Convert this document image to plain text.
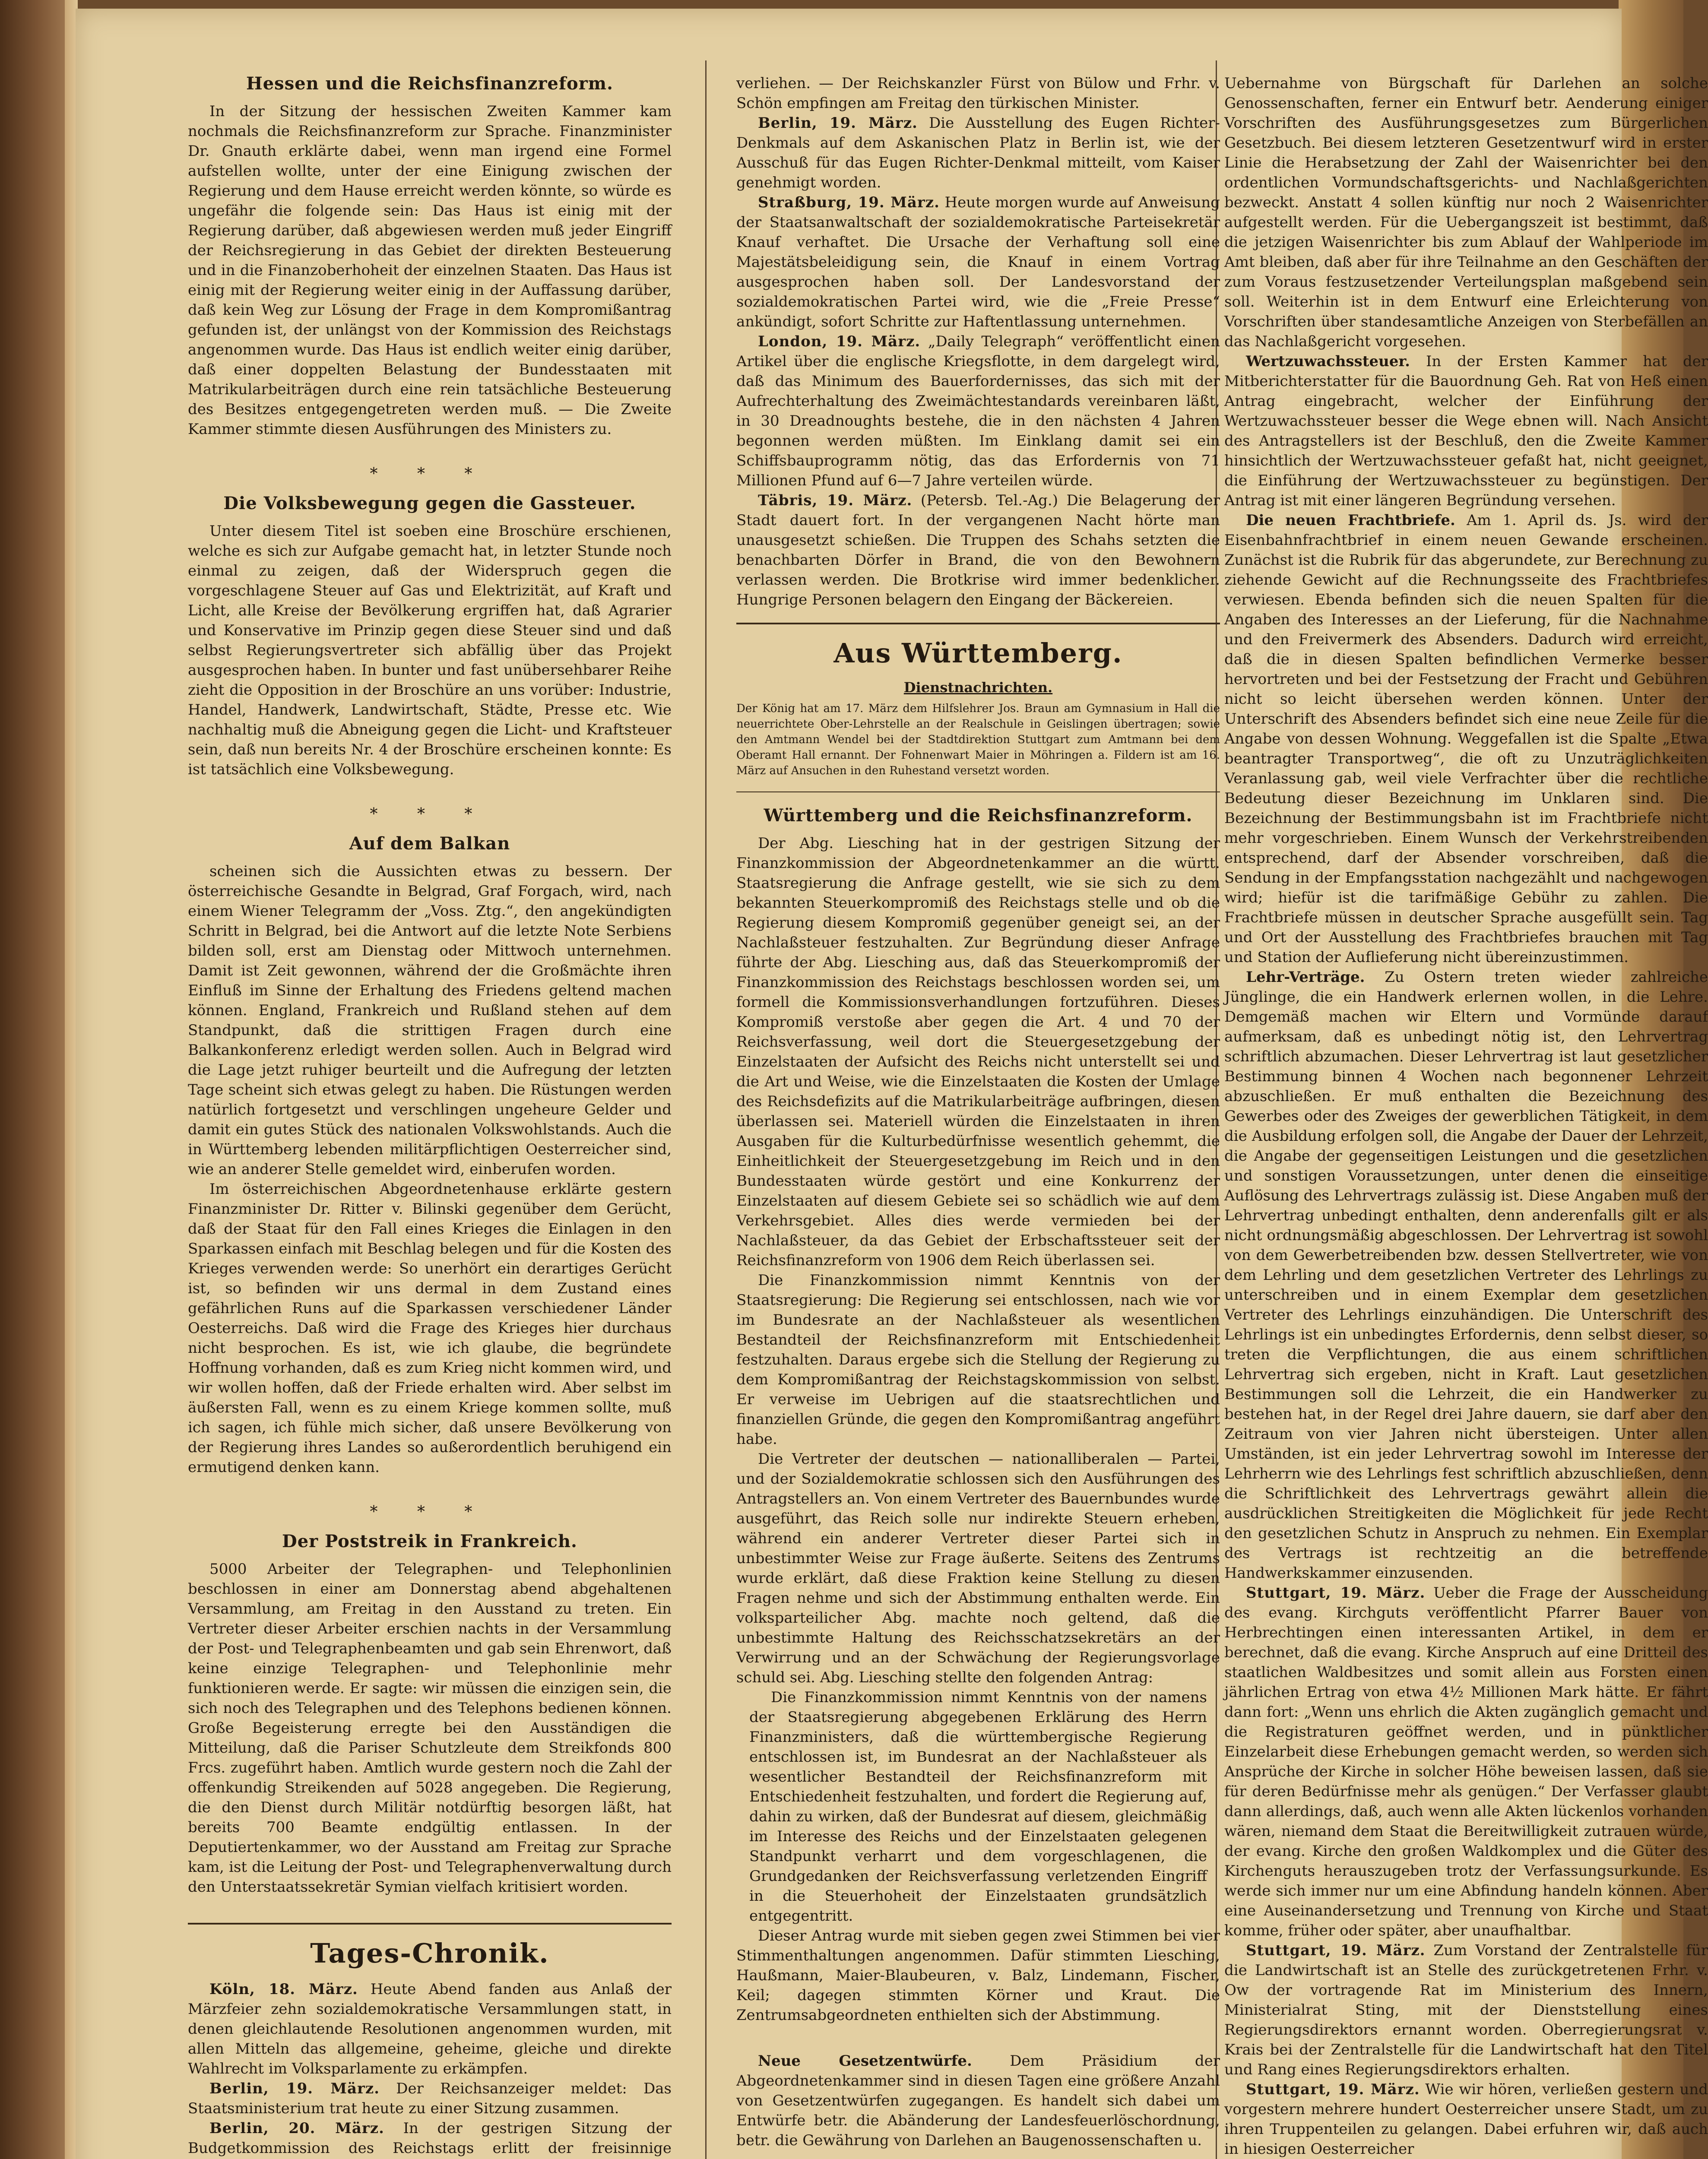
Hessen und die Reichsfinanzreform.

In der Sitzung der hessischen Zweiten Kammer kam nochmals die Reichsfinanzreform zur Sprache. Finanzminister Dr. Gnauth erklärte dabei, wenn man irgend eine Formel aufstellen wollte, unter der eine Einigung zwischen der Regierung und dem Hause erreicht werden könnte, so würde es ungefähr die folgende sein: Das Haus ist einig mit der Regierung darüber, daß abgewiesen werden muß jeder Eingriff der Reichsregierung in das Gebiet der direkten Besteuerung und in die Finanzoberhoheit der einzelnen Staaten. Das Haus ist einig mit der Regierung weiter einig in der Auffassung darüber, daß kein Weg zur Lösung der Frage in dem Kompromißantrag gefunden ist, der unlängst von der Kommission des Reichstags angenommen wurde. Das Haus ist endlich weiter einig darüber, daß einer doppelten Belastung der Bundesstaaten mit Matrikularbeiträgen durch eine rein tatsächliche Besteuerung des Besitzes entgegengetreten werden muß. — Die Zweite Kammer stimmte diesen Ausführungen des Ministers zu.

* * *
Die Volksbewegung gegen die Gassteuer.

Unter diesem Titel ist soeben eine Broschüre erschienen, welche es sich zur Aufgabe gemacht hat, in letzter Stunde noch einmal zu zeigen, daß der Widerspruch gegen die vorgeschlagene Steuer auf Gas und Elektrizität, auf Kraft und Licht, alle Kreise der Bevölkerung ergriffen hat, daß Agrarier und Konservative im Prinzip gegen diese Steuer sind und daß selbst Regierungsvertreter sich abfällig über das Projekt ausgesprochen haben. In bunter und fast unübersehbarer Reihe zieht die Opposition in der Broschüre an uns vorüber: Industrie, Handel, Handwerk, Landwirtschaft, Städte, Presse etc. Wie nachhaltig muß die Abneigung gegen die Licht- und Kraftsteuer sein, daß nun bereits Nr. 4 der Broschüre erscheinen konnte: Es ist tatsächlich eine Volksbewegung.

* * *
Auf dem Balkan

scheinen sich die Aussichten etwas zu bessern. Der österreichische Gesandte in Belgrad, Graf Forgach, wird, nach einem Wiener Telegramm der „Voss. Ztg.“, den angekündigten Schritt in Belgrad, bei die Antwort auf die letzte Note Serbiens bilden soll, erst am Dienstag oder Mittwoch unternehmen. Damit ist Zeit gewonnen, während der die Großmächte ihren Einfluß im Sinne der Erhaltung des Friedens geltend machen können. England, Frankreich und Rußland stehen auf dem Standpunkt, daß die strittigen Fragen durch eine Balkankonferenz erledigt werden sollen. Auch in Belgrad wird die Lage jetzt ruhiger beurteilt und die Aufregung der letzten Tage scheint sich etwas gelegt zu haben. Die Rüstungen werden natürlich fortgesetzt und verschlingen ungeheure Gelder und damit ein gutes Stück des nationalen Volkswohlstands. Auch die in Württemberg lebenden militärpflichtigen Oesterreicher sind, wie an anderer Stelle gemeldet wird, einberufen worden.

Im österreichischen Abgeordnetenhause erklärte gestern Finanzminister Dr. Ritter v. Bilinski gegenüber dem Gerücht, daß der Staat für den Fall eines Krieges die Einlagen in den Sparkassen einfach mit Beschlag belegen und für die Kosten des Krieges verwenden werde: So unerhört ein derartiges Gerücht ist, so befinden wir uns dermal in dem Zustand eines gefährlichen Runs auf die Sparkassen verschiedener Länder Oesterreichs. Daß wird die Frage des Krieges hier durchaus nicht besprochen. Es ist, wie ich glaube, die begründete Hoffnung vorhanden, daß es zum Krieg nicht kommen wird, und wir wollen hoffen, daß der Friede erhalten wird. Aber selbst im äußersten Fall, wenn es zu einem Kriege kommen sollte, muß ich sagen, ich fühle mich sicher, daß unsere Bevölkerung von der Regierung ihres Landes so außerordentlich beruhigend ein ermutigend denken kann.

* * *
Der Poststreik in Frankreich.

5000 Arbeiter der Telegraphen- und Telephonlinien beschlossen in einer am Donnerstag abend abgehaltenen Versammlung, am Freitag in den Ausstand zu treten. Ein Vertreter dieser Arbeiter erschien nachts in der Versammlung der Post- und Telegraphenbeamten und gab sein Ehrenwort, daß keine einzige Telegraphen- und Telephonlinie mehr funktionieren werde. Er sagte: wir müssen die einzigen sein, die sich noch des Telegraphen und des Telephons bedienen können. Große Begeisterung erregte bei den Ausständigen die Mitteilung, daß die Pariser Schutzleute dem Streikfonds 800 Frcs. zugeführt haben. Amtlich wurde gestern noch die Zahl der offenkundig Streikenden auf 5028 angegeben. Die Regierung, die den Dienst durch Militär notdürftig besorgen läßt, hat bereits 700 Beamte endgültig entlassen. In der Deputiertenkammer, wo der Ausstand am Freitag zur Sprache kam, ist die Leitung der Post- und Telegraphenverwaltung durch den Unterstaatssekretär Symian vielfach kritisiert worden.

Tages-Chronik.

Köln, 18. März. Heute Abend fanden aus Anlaß der Märzfeier zehn sozialdemokratische Versammlungen statt, in denen gleichlautende Resolutionen angenommen wurden, mit allen Mitteln das allgemeine, geheime, gleiche und direkte Wahlrecht im Volksparlamente zu erkämpfen.

Berlin, 19. März. Der Reichsanzeiger meldet: Das Staatsministerium trat heute zu einer Sitzung zusammen.

Berlin, 20. März. In der gestrigen Sitzung der Budgetkommission des Reichstags erlitt der freisinnige

verliehen. — Der Reichskanzler Fürst von Bülow und Frhr. v. Schön empfingen am Freitag den türkischen Minister.

Berlin, 19. März. Die Ausstellung des Eugen Richter-Denkmals auf dem Askanischen Platz in Berlin ist, wie der Ausschuß für das Eugen Richter-Denkmal mitteilt, vom Kaiser genehmigt worden.

Straßburg, 19. März. Heute morgen wurde auf Anweisung der Staatsanwaltschaft der sozialdemokratische Parteisekretär Knauf verhaftet. Die Ursache der Verhaftung soll eine Majestätsbeleidigung sein, die Knauf in einem Vortrag ausgesprochen haben soll. Der Landesvorstand der sozialdemokratischen Partei wird, wie die „Freie Presse“ ankündigt, sofort Schritte zur Haftentlassung unternehmen.

London, 19. März. „Daily Telegraph“ veröffentlicht einen Artikel über die englische Kriegsflotte, in dem dargelegt wird, daß das Minimum des Bauerfordernisses, das sich mit der Aufrechterhaltung des Zweimächtestandards vereinbaren läßt, in 30 Dreadnoughts bestehe, die in den nächsten 4 Jahren begonnen werden müßten. Im Einklang damit sei ein Schiffsbauprogramm nötig, das das Erfordernis von 71 Millionen Pfund auf 6—7 Jahre verteilen würde.

Täbris, 19. März. (Petersb. Tel.-Ag.) Die Belagerung der Stadt dauert fort. In der vergangenen Nacht hörte man unausgesetzt schießen. Die Truppen des Schahs setzten die benachbarten Dörfer in Brand, die von den Bewohnern verlassen werden. Die Brotkrise wird immer bedenklicher. Hungrige Personen belagern den Eingang der Bäckereien.

Aus Württemberg.
Dienstnachrichten.

Der König hat am 17. März dem Hilfslehrer Jos. Braun am Gymnasium in Hall die neuerrichtete Ober-Lehrstelle an der Realschule in Geislingen übertragen; sowie den Amtmann Wendel bei der Stadtdirektion Stuttgart zum Amtmann bei dem Oberamt Hall ernannt. Der Fohnenwart Maier in Möhringen a. Fildern ist am 16. März auf Ansuchen in den Ruhestand versetzt worden.

Württemberg und die Reichsfinanzreform.

Der Abg. Liesching hat in der gestrigen Sitzung der Finanzkommission der Abgeordnetenkammer an die württ. Staatsregierung die Anfrage gestellt, wie sie sich zu dem bekannten Steuerkompromiß des Reichstags stelle und ob die Regierung diesem Kompromiß gegenüber geneigt sei, an der Nachlaßsteuer festzuhalten. Zur Begründung dieser Anfrage führte der Abg. Liesching aus, daß das Steuerkompromiß der Finanzkommission des Reichstags beschlossen worden sei, um formell die Kommissionsverhandlungen fortzuführen. Dieses Kompromiß verstoße aber gegen die Art. 4 und 70 der Reichsverfassung, weil dort die Steuergesetzgebung der Einzelstaaten der Aufsicht des Reichs nicht unterstellt sei und die Art und Weise, wie die Einzelstaaten die Kosten der Umlage des Reichsdefizits auf die Matrikularbeiträge aufbringen, diesen überlassen sei. Materiell würden die Einzelstaaten in ihren Ausgaben für die Kulturbedürfnisse wesentlich gehemmt, die Einheitlichkeit der Steuergesetzgebung im Reich und in den Bundesstaaten würde gestört und eine Konkurrenz der Einzelstaaten auf diesem Gebiete sei so schädlich wie auf dem Verkehrsgebiet. Alles dies werde vermieden bei der Nachlaßsteuer, da das Gebiet der Erbschaftssteuer seit der Reichsfinanzreform von 1906 dem Reich überlassen sei.

Die Finanzkommission nimmt Kenntnis von der Staatsregierung: Die Regierung sei entschlossen, nach wie vor im Bundesrate an der Nachlaßsteuer als wesentlichen Bestandteil der Reichsfinanzreform mit Entschiedenheit festzuhalten. Daraus ergebe sich die Stellung der Regierung zu dem Kompromißantrag der Reichstagskommission von selbst. Er verweise im Uebrigen auf die staatsrechtlichen und finanziellen Gründe, die gegen den Kompromißantrag angeführt habe.

Die Vertreter der deutschen — nationalliberalen — Partei, und der Sozialdemokratie schlossen sich den Ausführungen des Antragstellers an. Von einem Vertreter des Bauernbundes wurde ausgeführt, das Reich solle nur indirekte Steuern erheben, während ein anderer Vertreter dieser Partei sich in unbestimmter Weise zur Frage äußerte. Seitens des Zentrums wurde erklärt, daß diese Fraktion keine Stellung zu diesen Fragen nehme und sich der Abstimmung enthalten werde. Ein volksparteilicher Abg. machte noch geltend, daß die unbestimmte Haltung des Reichsschatzsekretärs an der Verwirrung und an der Schwächung der Regierungsvorlage schuld sei. Abg. Liesching stellte den folgenden Antrag:

Die Finanzkommission nimmt Kenntnis von der namens der Staatsregierung abgegebenen Erklärung des Herrn Finanzministers, daß die württembergische Regierung entschlossen ist, im Bundesrat an der Nachlaßsteuer als wesentlicher Bestandteil der Reichsfinanzreform mit Entschiedenheit festzuhalten, und fordert die Regierung auf, dahin zu wirken, daß der Bundesrat auf diesem, gleichmäßig im Interesse des Reichs und der Einzelstaaten gelegenen Standpunkt verharrt und dem vorgeschlagenen, die Grundgedanken der Reichsverfassung verletzenden Eingriff in die Steuerhoheit der Einzelstaaten grundsätzlich entgegentritt.

Dieser Antrag wurde mit sieben gegen zwei Stimmen bei vier Stimmenthaltungen angenommen. Dafür stimmten Liesching, Haußmann, Maier-Blaubeuren, v. Balz, Lindemann, Fischer, Keil; dagegen stimmten Körner und Kraut. Die Zentrumsabgeordneten enthielten sich der Abstimmung.

Neue Gesetzentwürfe.	Dem Präsidium der Abgeordnetenkammer sind in diesen Tagen eine größere Anzahl von Gesetzentwürfen zugegangen. Es handelt sich dabei um Entwürfe betr. die Abänderung der Landesfeuerlöschordnung, betr. die Gewährung von Darlehen an Baugenossenschaften u.

Uebernahme von Bürgschaft für Darlehen an solche Genossenschaften, ferner ein Entwurf betr. Aenderung einiger Vorschriften des Ausführungsgesetzes zum Bürgerlichen Gesetzbuch. Bei diesem letzteren Gesetzentwurf wird in erster Linie die Herabsetzung der Zahl der Waisenrichter bei den ordentlichen Vormundschaftsgerichts- und Nachlaßgerichten bezweckt. Anstatt 4 sollen künftig nur noch 2 Waisenrichter aufgestellt werden. Für die Uebergangszeit ist bestimmt, daß die jetzigen Waisenrichter bis zum Ablauf der Wahlperiode im Amt bleiben, daß aber für ihre Teilnahme an den Geschäften der zum Voraus festzusetzender Verteilungsplan maßgebend sein soll. Weiterhin ist in dem Entwurf eine Erleichterung von Vorschriften über standesamtliche Anzeigen von Sterbefällen an das Nachlaßgericht vorgesehen.

Wertzuwachssteuer. In der Ersten Kammer hat der Mitberichterstatter für die Bauordnung Geh. Rat von Heß einen Antrag eingebracht, welcher der Einführung der Wertzuwachssteuer besser die Wege ebnen will. Nach Ansicht des Antragstellers ist der Beschluß, den die Zweite Kammer hinsichtlich der Wertzuwachssteuer gefaßt hat, nicht geeignet, die Einführung der Wertzuwachssteuer zu begünstigen. Der Antrag ist mit einer längeren Begründung versehen.

Die neuen Frachtbriefe. Am 1. April ds. Js. wird der Eisenbahnfrachtbrief in einem neuen Gewande erscheinen. Zunächst ist die Rubrik für das abgerundete, zur Berechnung zu ziehende Gewicht auf die Rechnungsseite des Frachtbriefes verwiesen. Ebenda befinden sich die neuen Spalten für die Angaben des Interesses an der Lieferung, für die Nachnahme und den Freivermerk des Absenders. Dadurch wird erreicht, daß die in diesen Spalten befindlichen Vermerke besser hervortreten und bei der Festsetzung der Fracht und Gebühren nicht so leicht übersehen werden können. Unter der Unterschrift des Absenders befindet sich eine neue Zeile für die Angabe von dessen Wohnung. Weggefallen ist die Spalte „Etwa beantragter Transportweg“, die oft zu Unzuträglichkeiten Veranlassung gab, weil viele Verfrachter über die rechtliche Bedeutung dieser Bezeichnung im Unklaren sind. Die Bezeichnung der Bestimmungsbahn ist im Frachtbriefe nicht mehr vorgeschrieben. Einem Wunsch der Verkehrstreibenden entsprechend, darf der Absender vorschreiben, daß die Sendung in der Empfangsstation nachgezählt und nachgewogen wird; hiefür ist die tarifmäßige Gebühr zu zahlen. Die Frachtbriefe müssen in deutscher Sprache ausgefüllt sein. Tag und Ort der Ausstellung des Frachtbriefes brauchen mit Tag und Station der Auflieferung nicht übereinzustimmen.

Lehr-Verträge. Zu Ostern treten wieder zahlreiche Jünglinge, die ein Handwerk erlernen wollen, in die Lehre. Demgemäß machen wir Eltern und Vormünde darauf aufmerksam, daß es unbedingt nötig ist, den Lehrvertrag schriftlich abzumachen. Dieser Lehrvertrag ist laut gesetzlicher Bestimmung binnen 4 Wochen nach begonnener Lehrzeit abzuschließen. Er muß enthalten die Bezeichnung des Gewerbes oder des Zweiges der gewerblichen Tätigkeit, in dem die Ausbildung erfolgen soll, die Angabe der Dauer der Lehrzeit, die Angabe der gegenseitigen Leistungen und die gesetzlichen und sonstigen Voraussetzungen, unter denen die einseitige Auflösung des Lehrvertrags zulässig ist. Diese Angaben muß der Lehrvertrag unbedingt enthalten, denn anderenfalls gilt er als nicht ordnungsmäßig abgeschlossen. Der Lehrvertrag ist sowohl von dem Gewerbetreibenden bzw. dessen Stellvertreter, wie von dem Lehrling und dem gesetzlichen Vertreter des Lehrlings zu unterschreiben und in einem Exemplar dem gesetzlichen Vertreter des Lehrlings einzuhändigen. Die Unterschrift des Lehrlings ist ein unbedingtes Erfordernis, denn selbst dieser, so treten die Verpflichtungen, die aus einem schriftlichen Lehrvertrag sich ergeben, nicht in Kraft. Laut gesetzlichen Bestimmungen soll die Lehrzeit, die ein Handwerker zu bestehen hat, in der Regel drei Jahre dauern, sie darf aber den Zeitraum von vier Jahren nicht übersteigen. Unter allen Umständen, ist ein jeder Lehrvertrag sowohl im Interesse der Lehrherrn wie des Lehrlings fest schriftlich abzuschließen, denn die Schriftlichkeit des Lehrvertrags gewährt allein die ausdrücklichen Streitigkeiten die Möglichkeit für jede Recht den gesetzlichen Schutz in Anspruch zu nehmen. Ein Exemplar des Vertrags ist rechtzeitig an die betreffende Handwerkskammer einzusenden.

Stuttgart, 19. März. Ueber die Frage der Ausscheidung des evang. Kirchguts veröffentlicht Pfarrer Bauer von Herbrechtingen einen interessanten Artikel, in dem er berechnet, daß die evang. Kirche Anspruch auf eine Dritteil des staatlichen Waldbesitzes und somit allein aus Forsten einen jährlichen Ertrag von etwa 4½ Millionen Mark hätte. Er fährt dann fort: „Wenn uns ehrlich die Akten zugänglich gemacht und die Registraturen geöffnet werden, und in pünktlicher Einzelarbeit diese Erhebungen gemacht werden, so werden sich Ansprüche der Kirche in solcher Höhe beweisen lassen, daß sie für deren Bedürfnisse mehr als genügen.“ Der Verfasser glaubt dann allerdings, daß, auch wenn alle Akten lückenlos vorhanden wären, niemand dem Staat die Bereitwilligkeit zutrauen würde, der evang. Kirche den großen Waldkomplex und die Güter des Kirchenguts herauszugeben trotz der Verfassungsurkunde. Es werde sich immer nur um eine Abfindung handeln können. Aber eine Auseinandersetzung und Trennung von Kirche und Staat komme, früher oder später, aber unaufhaltbar.

Stuttgart, 19. März. Zum Vorstand der Zentralstelle für die Landwirtschaft ist an Stelle des zurückgetretenen Frhr. v. Ow der vortragende Rat im Ministerium des Innern, Ministerialrat Sting, mit der Dienststellung eines Regierungsdirektors ernannt worden. Oberregierungsrat v. Krais bei der Zentralstelle für die Landwirtschaft hat den Titel und Rang eines Regierungsdirektors erhalten.

Stuttgart, 19. März. Wie wir hören, verließen gestern und vorgestern mehrere hundert Oesterreicher unsere Stadt, um zu ihren Truppenteilen zu gelangen. Dabei erfuhren wir, daß auch in hiesigen Oesterreicher
